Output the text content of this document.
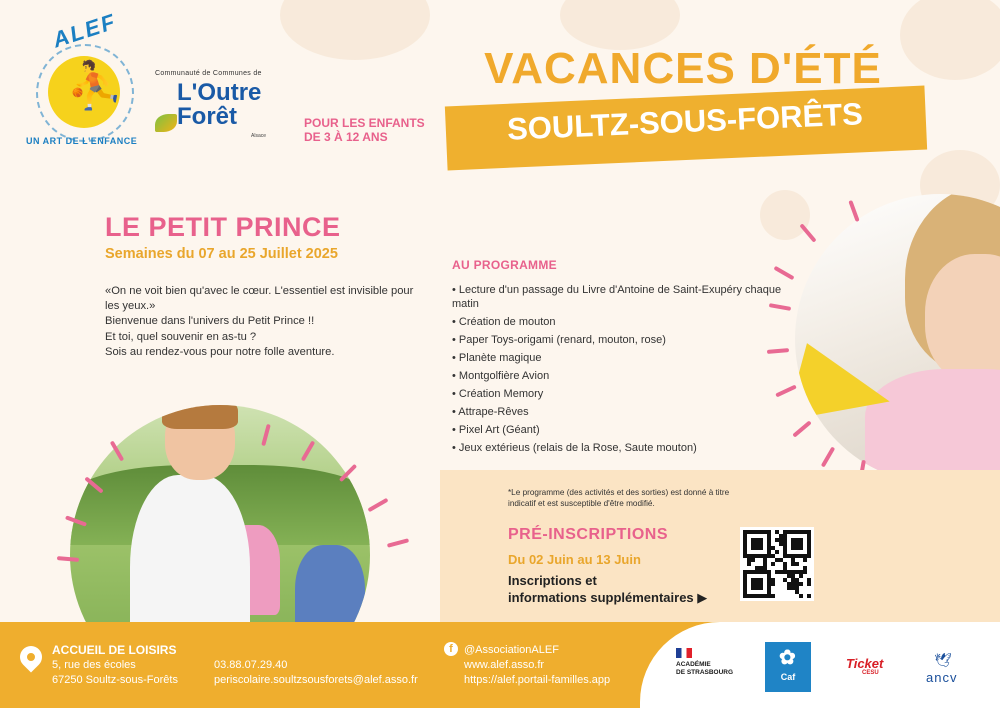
ALEF
⛹
UN ART DE L'ENFANCE
Communauté de Communes de
L'Outre
Forêt
Alsace
POUR LES ENFANTS
DE 3 À 12 ANS
VACANCES D'ÉTÉ
SOULTZ-SOUS-FORÊTS
LE PETIT PRINCE
Semaines du 07 au 25 Juillet 2025

«On ne voit bien qu'avec le cœur. L'essentiel est invisible pour les yeux.»

Bienvenue dans l'univers du Petit Prince !!

Et toi, quel souvenir en as-tu ?

Sois au rendez-vous pour notre folle aventure.

AU PROGRAMME
• Lecture d'un passage du Livre d'Antoine de Saint-Exupéry chaque matin
• Création de mouton
• Paper Toys-origami (renard, mouton, rose)
• Planète magique
• Montgolfière Avion
• Création Memory
• Attrape-Rêves
• Pixel Art (Géant)
• Jeux extérieus (relais de la Rose, Saute mouton)
*Le programme (des activités et des sorties) est donné à titre indicatif et est susceptible d'être modifié.
PRÉ-INSCRIPTIONS
Du 02 Juin au 13 Juin
Inscriptions et
informations supplémentaires ▶
ACCUEIL DE LOISIRS
5, rue des écoles
67250 Soultz-sous-Forêts
03.88.07.29.40
periscolaire.soultzsousforets@alef.asso.fr
f	@AssociationALEF
www.alef.asso.fr
https://alef.portail-familles.app
ACADÉMIE
DE STRASBOURG
✿
Caf
Ticket
CESU
🕊
ancv
